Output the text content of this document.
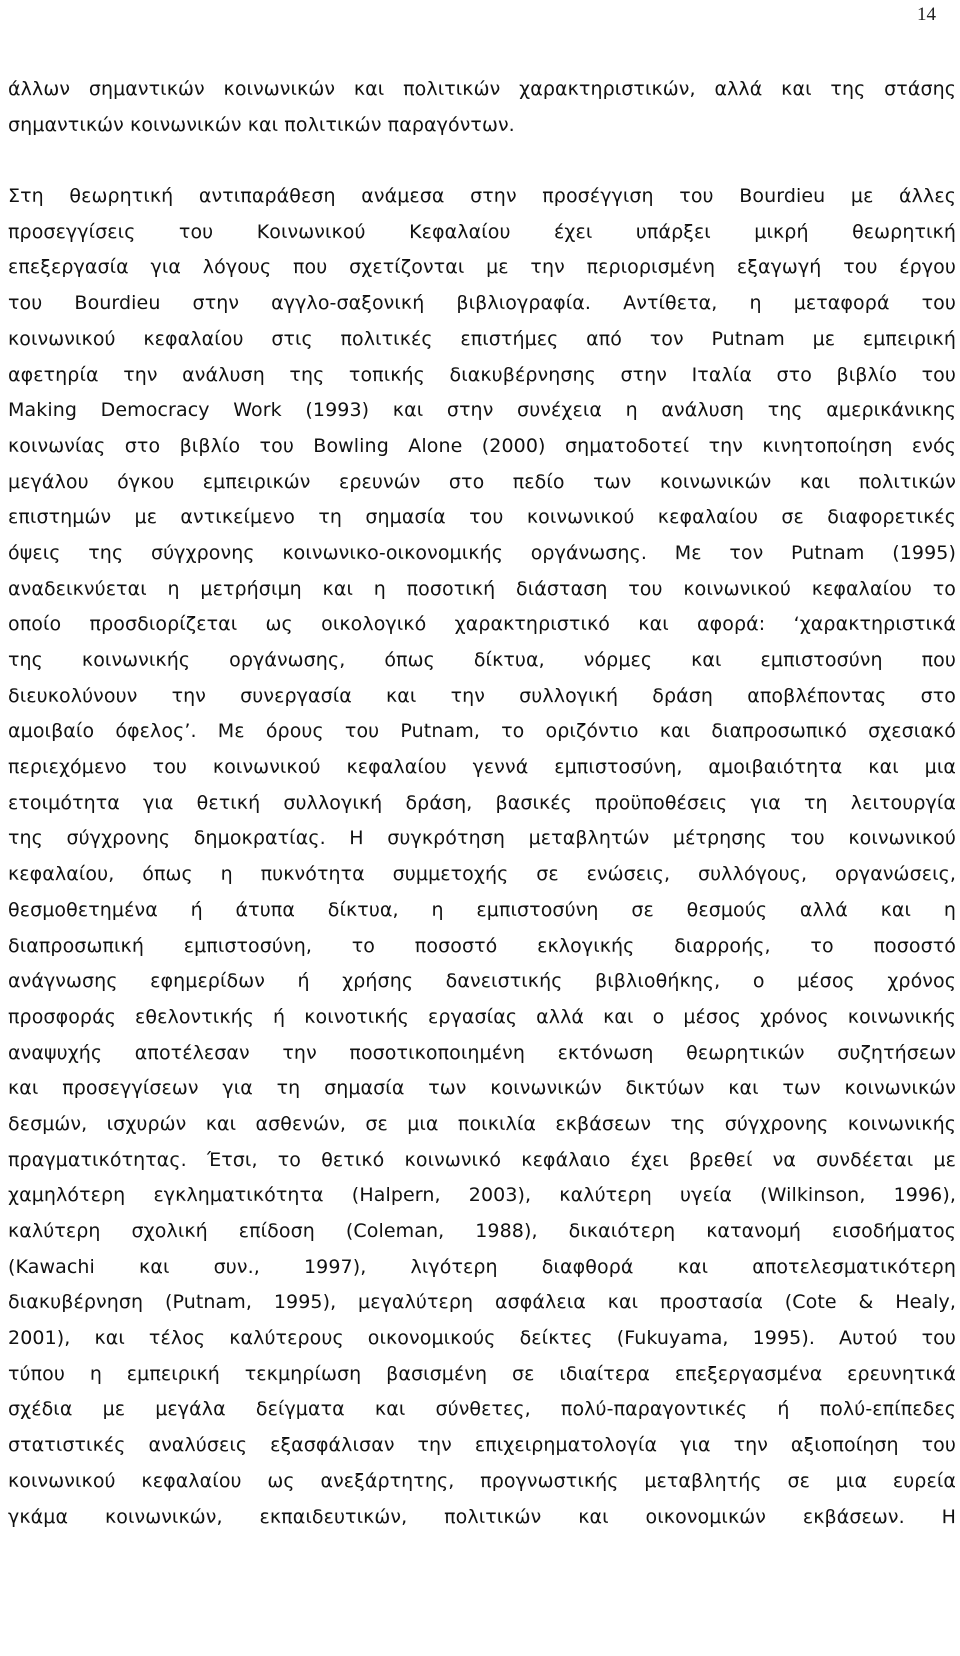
14
άλλων σημαντικών κοινωνικών και πολιτικών χαρακτηριστικών, αλλά και της στάσης
σημαντικών κοινωνικών και πολιτικών παραγόντων.
Στη θεωρητική αντιπαράθεση ανάμεσα στην προσέγγιση του Bourdieu με άλλες
προσεγγίσεις του Κοινωνικού Κεφαλαίου έχει υπάρξει μικρή θεωρητική
επεξεργασία για λόγους που σχετίζονται με την περιορισμένη εξαγωγή του έργου
του Bourdieu στην αγγλο-σαξονική βιβλιογραφία. Αντίθετα, η μεταφορά του
κοινωνικού κεφαλαίου στις πολιτικές επιστήμες από τον Putnam με εμπειρική
αφετηρία την ανάλυση της τοπικής διακυβέρνησης στην Ιταλία στο βιβλίο του
Making Democracy Work (1993) και στην συνέχεια η ανάλυση της αμερικάνικης
κοινωνίας στο βιβλίο του Bowling Alone (2000) σηματοδοτεί την κινητοποίηση ενός
μεγάλου όγκου εμπειρικών ερευνών στο πεδίο των κοινωνικών και πολιτικών
επιστημών με αντικείμενο τη σημασία του κοινωνικού κεφαλαίου σε διαφορετικές
όψεις της σύγχρονης κοινωνικο-οικονομικής οργάνωσης. Με τον Putnam (1995)
αναδεικνύεται η μετρήσιμη και η ποσοτική διάσταση του κοινωνικού κεφαλαίου το
οποίο προσδιορίζεται ως οικολογικό χαρακτηριστικό και αφορά: ‘χαρακτηριστικά
της κοινωνικής οργάνωσης, όπως δίκτυα, νόρμες και εμπιστοσύνη που
διευκολύνουν την συνεργασία και την συλλογική δράση αποβλέποντας στο
αμοιβαίο όφελος’. Με όρους του Putnam, το οριζόντιο και διαπροσωπικό σχεσιακό
περιεχόμενο του κοινωνικού κεφαλαίου γεννά εμπιστοσύνη, αμοιβαιότητα και μια
ετοιμότητα για θετική συλλογική δράση, βασικές προϋποθέσεις για τη λειτουργία
της σύγχρονης δημοκρατίας. Η συγκρότηση μεταβλητών μέτρησης του κοινωνικού
κεφαλαίου, όπως η πυκνότητα συμμετοχής σε ενώσεις, συλλόγους, οργανώσεις,
θεσμοθετημένα ή άτυπα δίκτυα, η εμπιστοσύνη σε θεσμούς αλλά και η
διαπροσωπική εμπιστοσύνη, το ποσοστό εκλογικής διαρροής, το ποσοστό
ανάγνωσης εφημερίδων ή χρήσης δανειστικής βιβλιοθήκης, ο μέσος χρόνος
προσφοράς εθελοντικής ή κοινοτικής εργασίας αλλά και ο μέσος χρόνος κοινωνικής
αναψυχής αποτέλεσαν την ποσοτικοποιημένη εκτόνωση θεωρητικών συζητήσεων
και προσεγγίσεων για τη σημασία των κοινωνικών δικτύων και των κοινωνικών
δεσμών, ισχυρών και ασθενών, σε μια ποικιλία εκβάσεων της σύγχρονης κοινωνικής
πραγματικότητας. Έτσι, το θετικό κοινωνικό κεφάλαιο έχει βρεθεί να συνδέεται με
χαμηλότερη εγκληματικότητα (Halpern, 2003), καλύτερη υγεία (Wilkinson, 1996),
καλύτερη σχολική επίδοση (Coleman, 1988), δικαιότερη κατανομή εισοδήματος
(Kawachi και συν., 1997), λιγότερη διαφθορά και αποτελεσματικότερη
διακυβέρνηση (Putnam, 1995), μεγαλύτερη ασφάλεια και προστασία (Cote & Healy,
2001), και τέλος καλύτερους οικονομικούς δείκτες (Fukuyama, 1995). Αυτού του
τύπου η εμπειρική τεκμηρίωση βασισμένη σε ιδιαίτερα επεξεργασμένα ερευνητικά
σχέδια με μεγάλα δείγματα και σύνθετες, πολύ-παραγοντικές ή πολύ-επίπεδες
στατιστικές αναλύσεις εξασφάλισαν την επιχειρηματολογία για την αξιοποίηση του
κοινωνικού κεφαλαίου ως ανεξάρτητης, προγνωστικής μεταβλητής σε μια ευρεία
γκάμα κοινωνικών, εκπαιδευτικών, πολιτικών και οικονομικών εκβάσεων. Η
